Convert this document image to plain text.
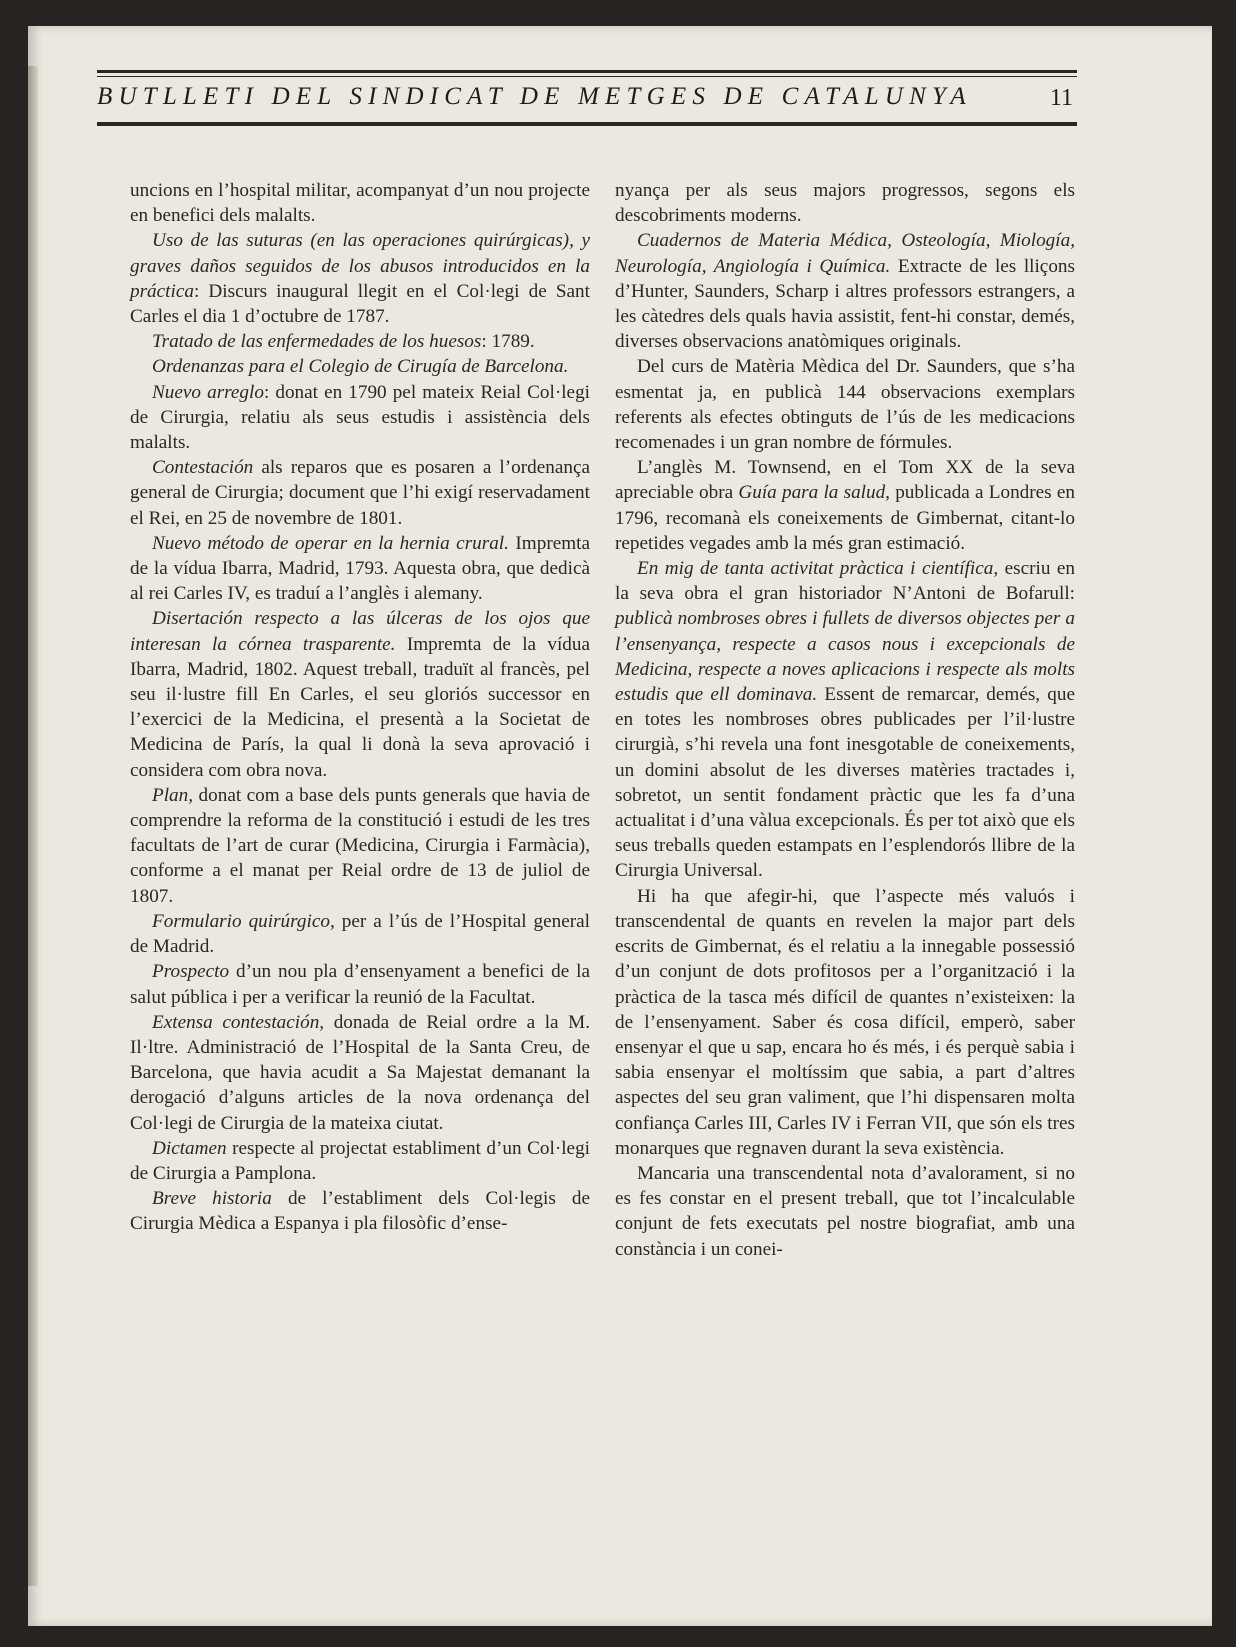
BUTLLETI DEL SINDICAT DE METGES DE CATALUNYA	11

uncions en l’hospital militar, acompanyat d’un nou projecte en benefici dels malalts.

Uso de las suturas (en las operaciones quirúrgicas), y graves daños seguidos de los abusos introducidos en la práctica: Discurs inaugural llegit en el Col·legi de Sant Carles el dia 1 d’octubre de 1787.

Tratado de las enfermedades de los huesos: 1789.

Ordenanzas para el Colegio de Cirugía de Barcelona.

Nuevo arreglo: donat en 1790 pel mateix Reial Col·legi de Cirurgia, relatiu als seus estudis i assistència dels malalts.

Contestación als reparos que es posaren a l’ordenança general de Cirurgia; document que l’hi exigí reservadament el Rei, en 25 de novembre de 1801.

Nuevo método de operar en la hernia crural. Impremta de la vídua Ibarra, Madrid, 1793. Aquesta obra, que dedicà al rei Carles IV, es traduí a l’anglès i alemany.

Disertación respecto a las úlceras de los ojos que interesan la córnea trasparente. Impremta de la vídua Ibarra, Madrid, 1802. Aquest treball, traduït al francès, pel seu il·lustre fill En Carles, el seu gloriós successor en l’exercici de la Medicina, el presentà a la Societat de Medicina de París, la qual li donà la seva aprovació i considera com obra nova.

Plan, donat com a base dels punts generals que havia de comprendre la reforma de la constitució i estudi de les tres facultats de l’art de curar (Medicina, Cirurgia i Farmàcia), conforme a el manat per Reial ordre de 13 de juliol de 1807.

Formulario quirúrgico, per a l’ús de l’Hospital general de Madrid.

Prospecto d’un nou pla d’ensenyament a benefici de la salut pública i per a verificar la reunió de la Facultat.

Extensa contestación, donada de Reial ordre a la M. Il·ltre. Administració de l’Hospital de la Santa Creu, de Barcelona, que havia acudit a Sa Majestat demanant la derogació d’alguns articles de la nova ordenança del Col·legi de Cirurgia de la mateixa ciutat.

Dictamen respecte al projectat establiment d’un Col·legi de Cirurgia a Pamplona.

Breve historia de l’establiment dels Col·legis de Cirurgia Mèdica a Espanya i pla filosòfic d’ense-

nyança per als seus majors progressos, segons els descobriments moderns.

Cuadernos de Materia Médica, Osteología, Miología, Neurología, Angiología i Química. Extracte de les lliçons d’Hunter, Saunders, Scharp i altres professors estrangers, a les càtedres dels quals havia assistit, fent-hi constar, demés, diverses observacions anatòmiques originals.

Del curs de Matèria Mèdica del Dr. Saunders, que s’ha esmentat ja, en publicà 144 observacions exemplars referents als efectes obtinguts de l’ús de les medicacions recomenades i un gran nombre de fórmules.

L’anglès M. Townsend, en el Tom XX de la seva apreciable obra Guía para la salud, publicada a Londres en 1796, recomanà els coneixements de Gimbernat, citant-lo repetides vegades amb la més gran estimació.

En mig de tanta activitat pràctica i científica, escriu en la seva obra el gran historiador N’Antoni de Bofarull: publicà nombroses obres i fullets de diversos objectes per a l’ensenyança, respecte a casos nous i excepcionals de Medicina, respecte a noves aplicacions i respecte als molts estudis que ell dominava. Essent de remarcar, demés, que en totes les nombroses obres publicades per l’il·lustre cirurgià, s’hi revela una font inesgotable de coneixements, un domini absolut de les diverses matèries tractades i, sobretot, un sentit fondament pràctic que les fa d’una actualitat i d’una vàlua excepcionals. És per tot això que els seus treballs queden estampats en l’esplendorós llibre de la Cirurgia Universal.

Hi ha que afegir-hi, que l’aspecte més valuós i transcendental de quants en revelen la major part dels escrits de Gimbernat, és el relatiu a la innegable possessió d’un conjunt de dots profitosos per a l’organització i la pràctica de la tasca més difícil de quantes n’existeixen: la de l’ensenyament. Saber és cosa difícil, emperò, saber ensenyar el que u sap, encara ho és més, i és perquè sabia i sabia ensenyar el moltíssim que sabia, a part d’altres aspectes del seu gran valiment, que l’hi dispensaren molta confiança Carles III, Carles IV i Ferran VII, que són els tres monarques que regnaven durant la seva existència.

Mancaria una transcendental nota d’avalorament, si no es fes constar en el present treball, que tot l’incalculable conjunt de fets executats pel nostre biografiat, amb una constància i un conei-
